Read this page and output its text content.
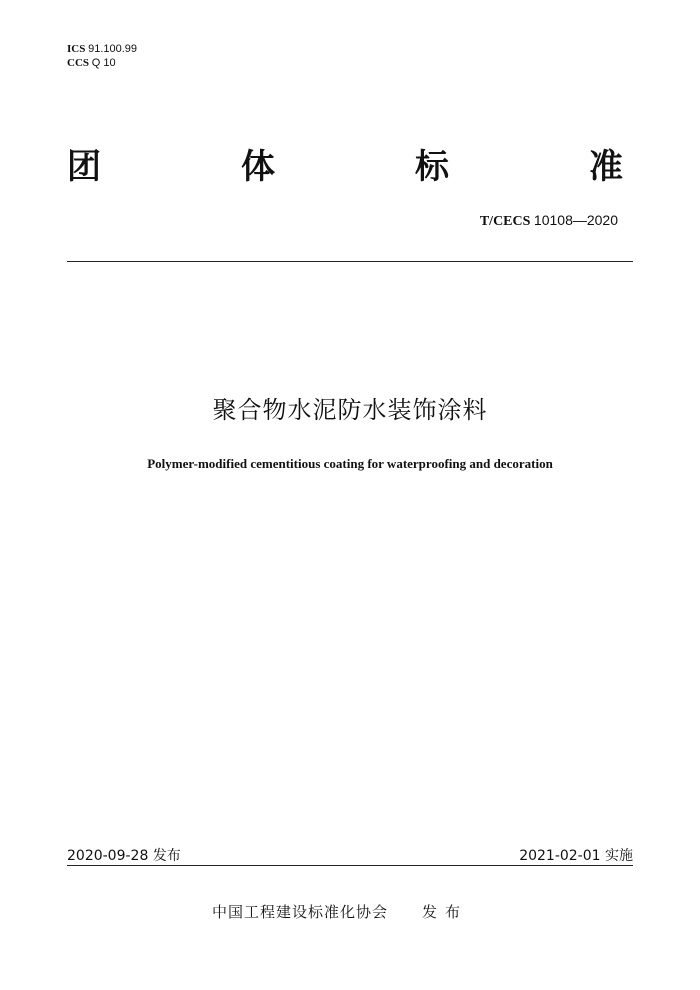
ICS 91.100.99
CCS Q 10
团	体	标	准
T/CECS 10108—2020
聚合物水泥防水装饰涂料
Polymer-modified cementitious coating for waterproofing and decoration
2020-09-28 发布	2021-02-01 实施
中国工程建设标准化协会 发布
